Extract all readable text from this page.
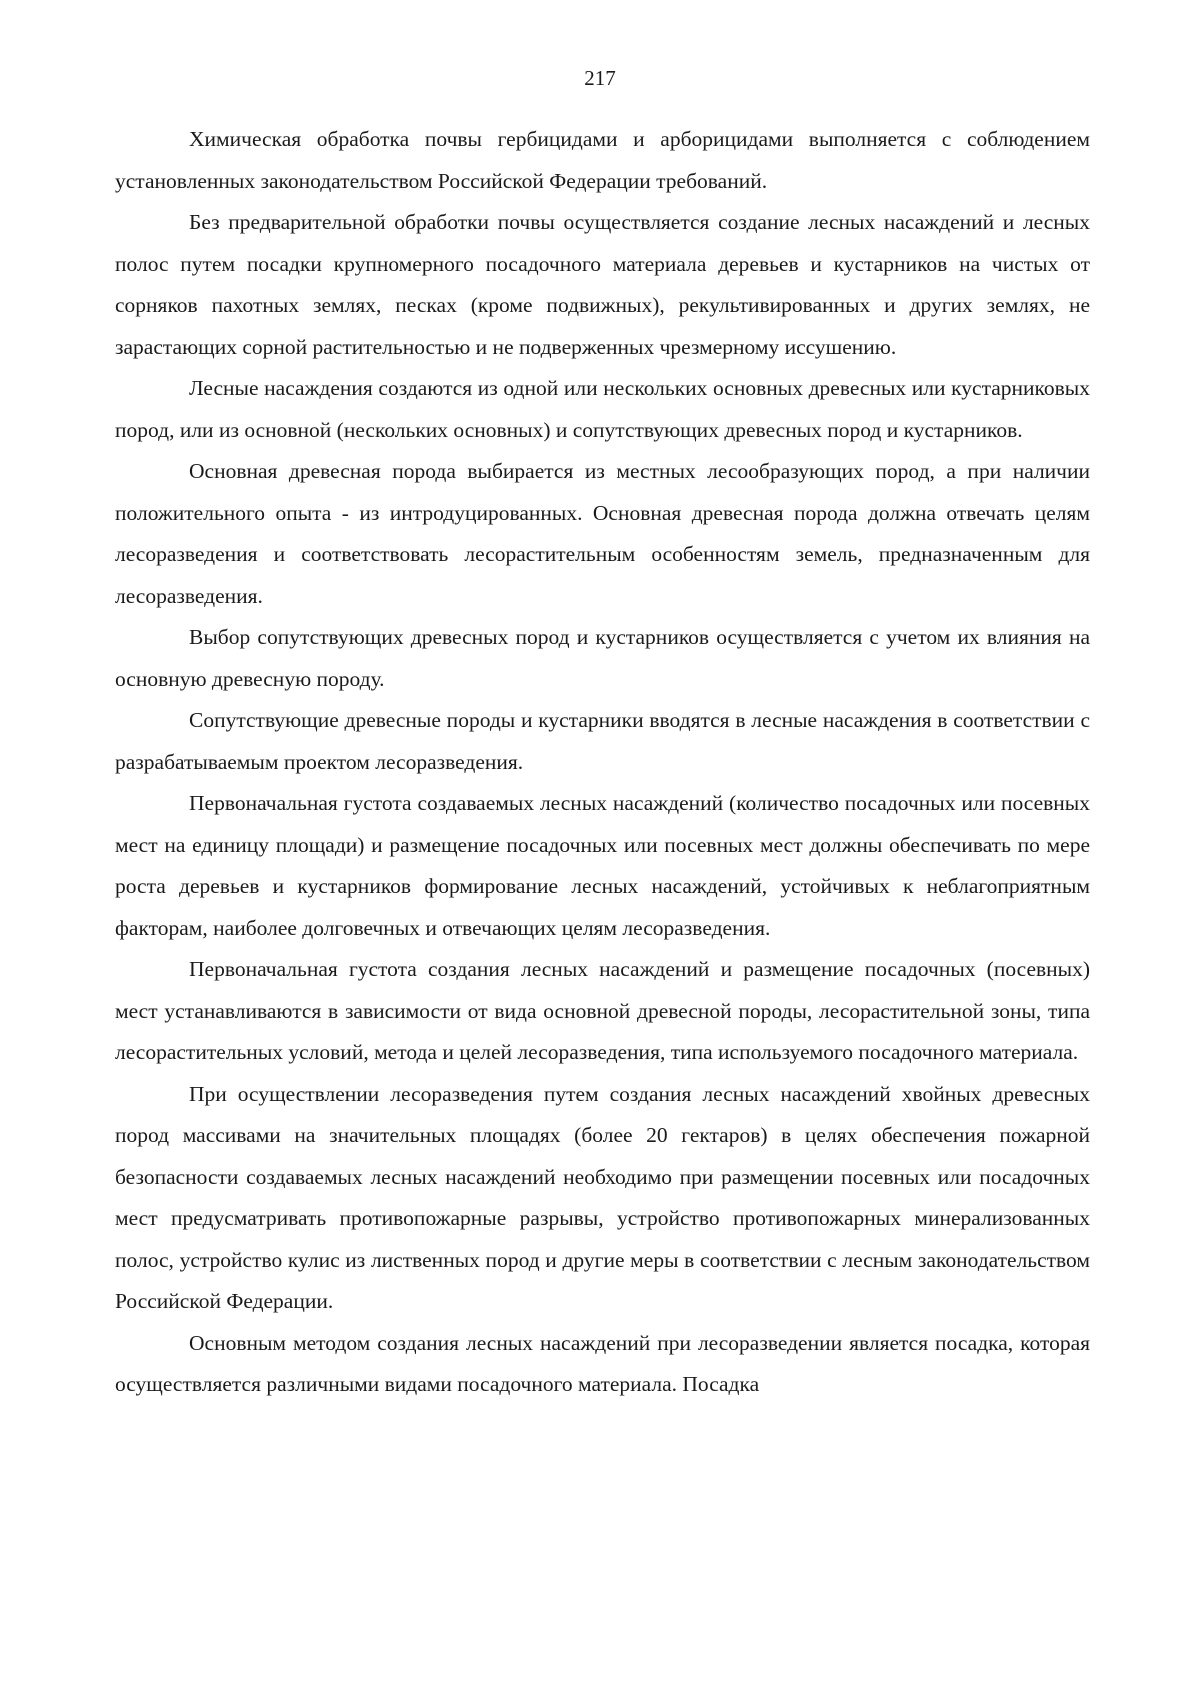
217

Химическая обработка почвы гербицидами и арборицидами выполняется с соблюдением установленных законодательством Российской Федерации требований.

Без предварительной обработки почвы осуществляется создание лесных насаждений и лесных полос путем посадки крупномерного посадочного материала деревьев и кустарников на чистых от сорняков пахотных землях, песках (кроме подвижных), рекультивированных и других землях, не зарастающих сорной растительностью и не подверженных чрезмерному иссушению.

Лесные насаждения создаются из одной или нескольких основных древесных или кустарниковых пород, или из основной (нескольких основных) и сопутствующих древесных пород и кустарников.

Основная древесная порода выбирается из местных лесообразующих пород, а при наличии положительного опыта - из интродуцированных. Основная древесная порода должна отвечать целям лесоразведения и соответствовать лесорастительным особенностям земель, предназначенным для лесоразведения.

Выбор сопутствующих древесных пород и кустарников осуществляется с учетом их влияния на основную древесную породу.

Сопутствующие древесные породы и кустарники вводятся в лесные насаждения в соответствии с разрабатываемым проектом лесоразведения.

Первоначальная густота создаваемых лесных насаждений (количество посадочных или посевных мест на единицу площади) и размещение посадочных или посевных мест должны обеспечивать по мере роста деревьев и кустарников формирование лесных насаждений, устойчивых к неблагоприятным факторам, наиболее долговечных и отвечающих целям лесоразведения.

Первоначальная густота создания лесных насаждений и размещение посадочных (посевных) мест устанавливаются в зависимости от вида основной древесной породы, лесорастительной зоны, типа лесорастительных условий, метода и целей лесоразведения, типа используемого посадочного материала.

При осуществлении лесоразведения путем создания лесных насаждений хвойных древесных пород массивами на значительных площадях (более 20 гектаров) в целях обеспечения пожарной безопасности создаваемых лесных насаждений необходимо при размещении посевных или посадочных мест предусматривать противопожарные разрывы, устройство противопожарных минерализованных полос, устройство кулис из лиственных пород и другие меры в соответствии с лесным законодательством Российской Федерации.

Основным методом создания лесных насаждений при лесоразведении является посадка, которая осуществляется различными видами посадочного материала. Посадка
